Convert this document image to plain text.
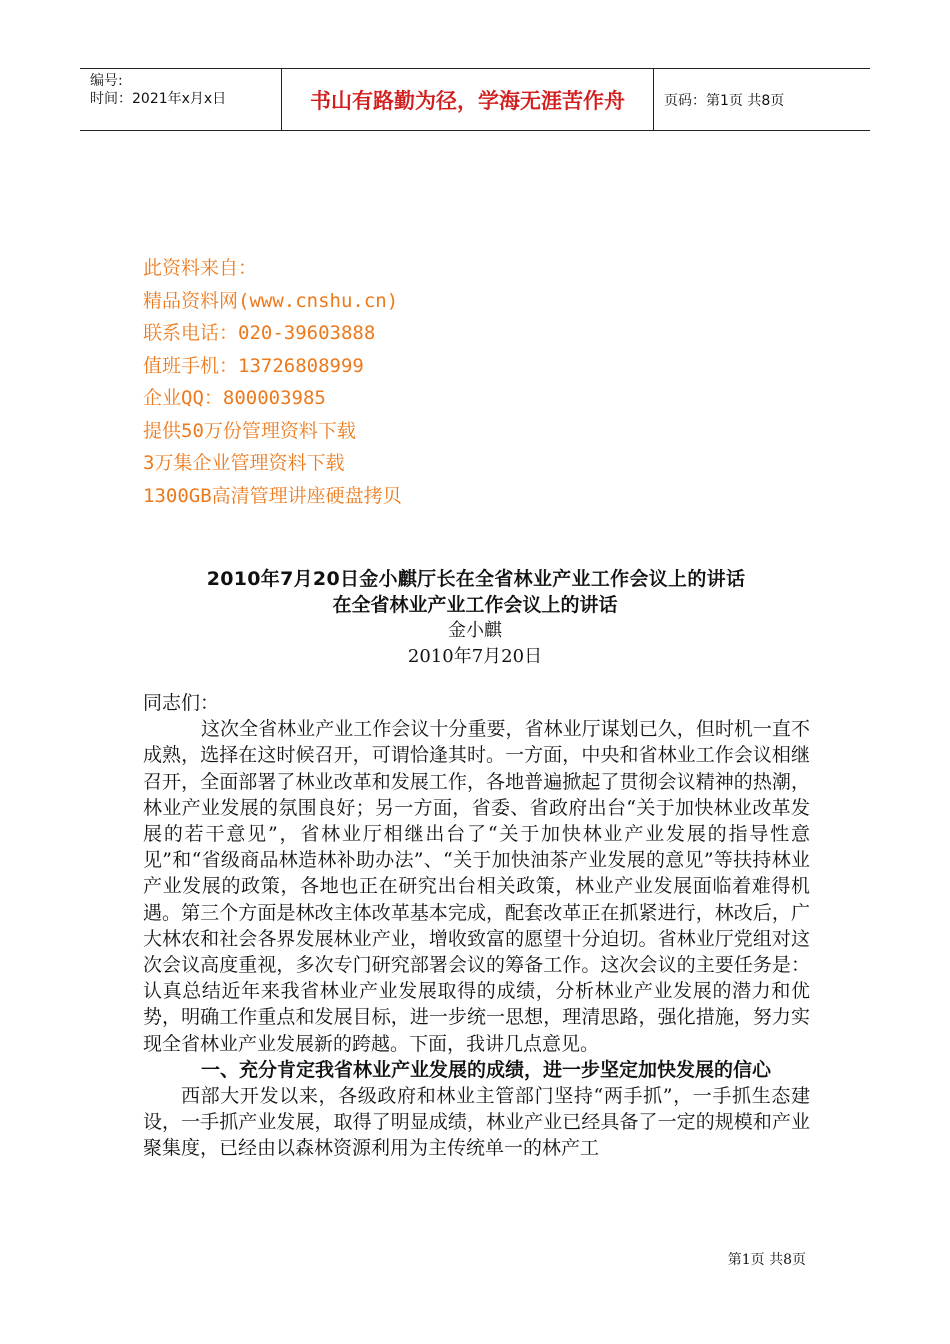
编号:
时间：2021年x月x日	书山有路勤为径，学海无涯苦作舟	页码：第1页 共8页
此资料来自：
精品资料网(www.cnshu.cn)
联系电话：020-39603888
值班手机：13726808999
企业QQ：800003985
提供50万份管理资料下载
3万集企业管理资料下载
1300GB高清管理讲座硬盘拷贝
2010年7月20日金小麒厅长在全省林业产业工作会议上的讲话
在全省林业产业工作会议上的讲话
金小麒
2010年7月20日

同志们：

这次全省林业产业工作会议十分重要，省林业厅谋划已久，但时机一直不成熟，选择在这时候召开，可谓恰逢其时。一方面，中央和省林业工作会议相继召开，全面部署了林业改革和发展工作，各地普遍掀起了贯彻会议精神的热潮，林业产业发展的氛围良好；另一方面，省委、省政府出台“关于加快林业改革发展的若干意见”，省林业厅相继出台了“关于加快林业产业发展的指导性意见”和“省级商品林造林补助办法”、“关于加快油茶产业发展的意见”等扶持林业产业发展的政策，各地也正在研究出台相关政策，林业产业发展面临着难得机遇。第三个方面是林改主体改革基本完成，配套改革正在抓紧进行，林改后，广大林农和社会各界发展林业产业，增收致富的愿望十分迫切。省林业厅党组对这次会议高度重视，多次专门研究部署会议的筹备工作。这次会议的主要任务是：认真总结近年来我省林业产业发展取得的成绩，分析林业产业发展的潜力和优势，明确工作重点和发展目标，进一步统一思想，理清思路，强化措施，努力实现全省林业产业发展新的跨越。下面，我讲几点意见。

一、充分肯定我省林业产业发展的成绩，进一步坚定加快发展的信心

西部大开发以来，各级政府和林业主管部门坚持“两手抓”，一手抓生态建设，一手抓产业发展，取得了明显成绩，林业产业已经具备了一定的规模和产业聚集度，已经由以森林资源利用为主传统单一的林产工

第1页 共8页
